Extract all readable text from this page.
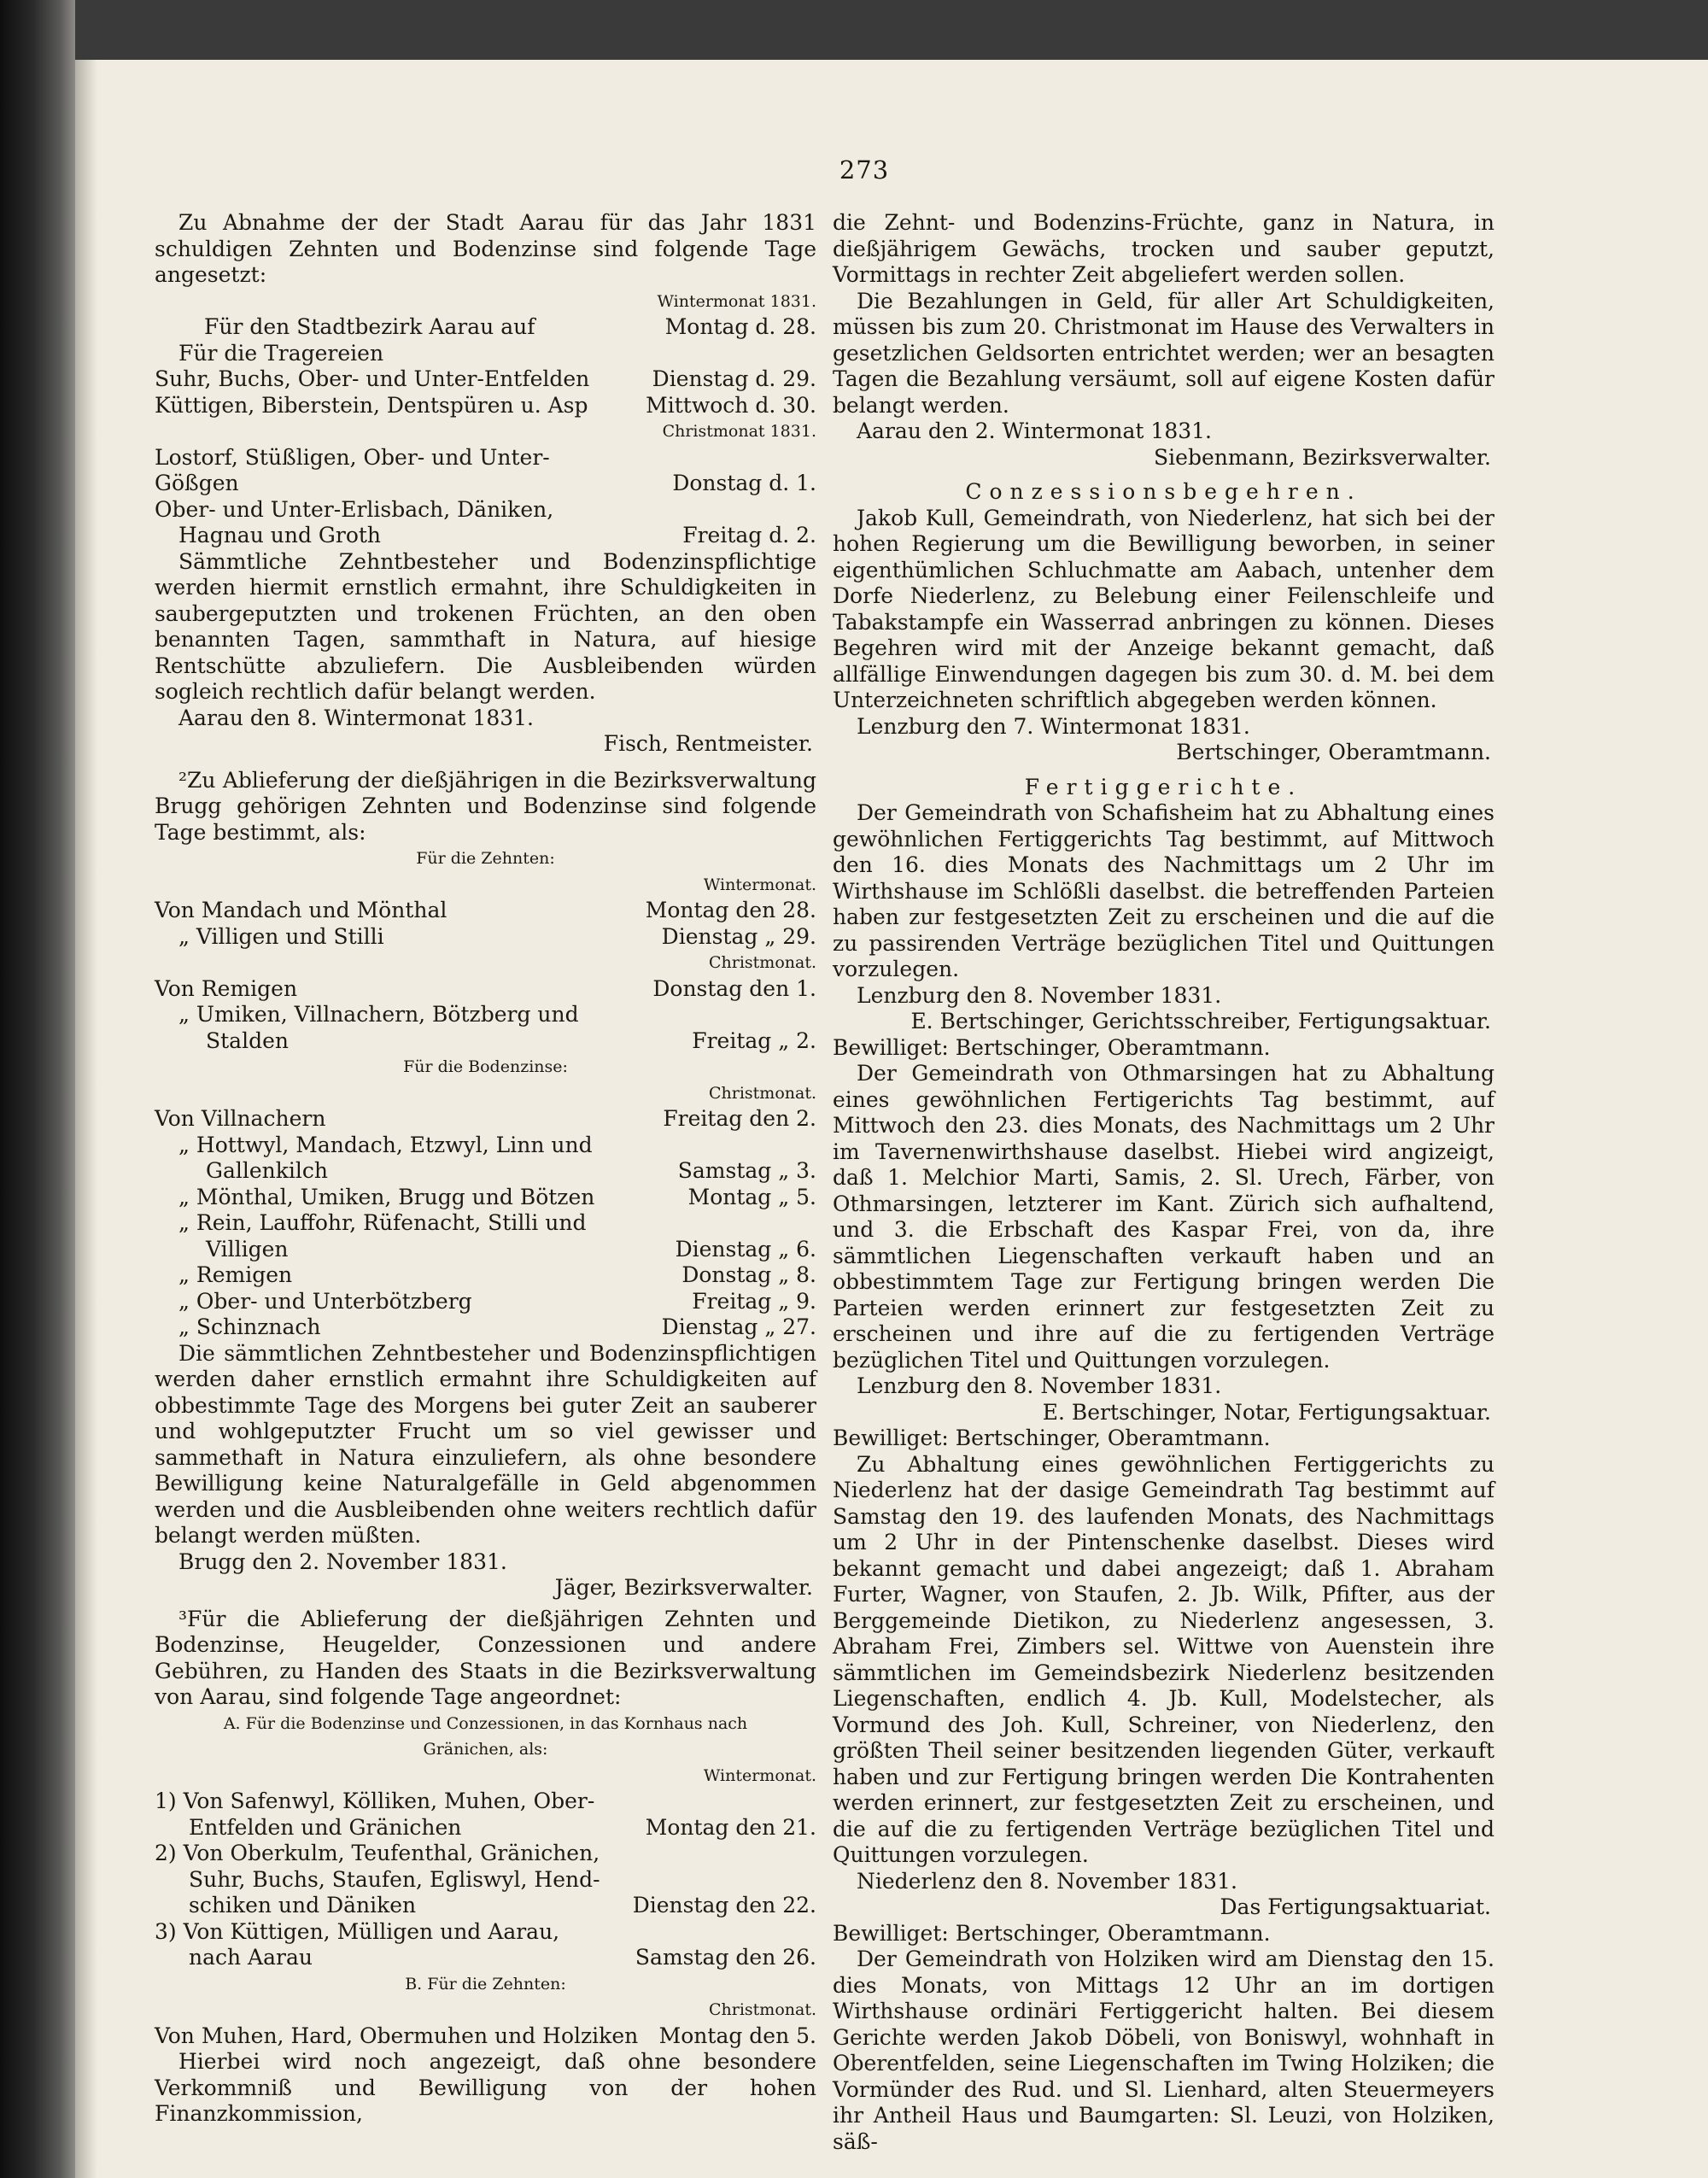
273

Zu Abnahme der der Stadt Aarau für das Jahr 1831 schuldigen Zehnten und Bodenzinse sind folgende Tage angesetzt:

Wintermonat 1831.

Für den Stadtbezirk Aarau auf	Montag d. 28.

Für die Tragereien

Suhr, Buchs, Ober- und Unter-Entfelden	Dienstag d. 29.
Küttigen, Biberstein, Dentspüren u. Asp	Mittwoch d. 30.

Christmonat 1831.

Lostorf, Stüßligen, Ober- und Unter-

Gößgen	Donstag d. 1.

Ober- und Unter-Erlisbach, Däniken,

Hagnau und Groth	Freitag d. 2.

Sämmtliche Zehntbesteher und Bodenzinspflichtige werden hiermit ernstlich ermahnt, ihre Schuldigkeiten in saubergeputzten und trokenen Früchten, an den oben benannten Tagen, sammthaft in Natura, auf hiesige Rentschütte abzuliefern. Die Ausbleibenden würden sogleich rechtlich dafür belangt werden.

Aarau den 8. Wintermonat 1831.

Fisch, Rentmeister.

²Zu Ablieferung der dießjährigen in die Bezirksverwaltung Brugg gehörigen Zehnten und Bodenzinse sind folgende Tage bestimmt, als:

Für die Zehnten:

Wintermonat.

Von Mandach und Mönthal	Montag den 28.
„ Villigen und Stilli	Dienstag „ 29.

Christmonat.

Von Remigen	Donstag den 1.

„ Umiken, Villnachern, Bötzberg und

Stalden	Freitag „ 2.

Für die Bodenzinse:

Christmonat.

Von Villnachern	Freitag den 2.

„ Hottwyl, Mandach, Etzwyl, Linn und

Gallenkilch	Samstag „ 3.
„ Mönthal, Umiken, Brugg und Bötzen	Montag „ 5.

„ Rein, Lauffohr, Rüfenacht, Stilli und

Villigen	Dienstag „ 6.
„ Remigen	Donstag „ 8.
„ Ober- und Unterbötzberg	Freitag „ 9.
„ Schinznach	Dienstag „ 27.

Die sämmtlichen Zehntbesteher und Bodenzinspflichtigen werden daher ernstlich ermahnt ihre Schuldigkeiten auf obbestimmte Tage des Morgens bei guter Zeit an sauberer und wohlgeputzter Frucht um so viel gewisser und sammethaft in Natura einzuliefern, als ohne besondere Bewilligung keine Naturalgefälle in Geld abgenommen werden und die Ausbleibenden ohne weiters rechtlich dafür belangt werden müßten.

Brugg den 2. November 1831.

Jäger, Bezirksverwalter.

³Für die Ablieferung der dießjährigen Zehnten und Bodenzinse, Heugelder, Conzessionen und andere Gebühren, zu Handen des Staats in die Bezirksverwaltung von Aarau, sind folgende Tage angeordnet:

A. Für die Bodenzinse und Conzessionen, in das Kornhaus nach Gränichen, als:

Wintermonat.

1) Von Safenwyl, Kölliken, Muhen, Ober-

Entfelden und Gränichen	Montag den 21.

2) Von Oberkulm, Teufenthal, Gränichen,

Suhr, Buchs, Staufen, Egliswyl, Hend-

schiken und Däniken	Dienstag den 22.

3) Von Küttigen, Mülligen und Aarau,

nach Aarau	Samstag den 26.

B. Für die Zehnten:

Christmonat.

Von Muhen, Hard, Obermuhen und Holziken Montag den 5.

Hierbei wird noch angezeigt, daß ohne besondere Verkommniß und Bewilligung von der hohen Finanzkommission,

die Zehnt- und Bodenzins-Früchte, ganz in Natura, in dießjährigem Gewächs, trocken und sauber geputzt, Vormittags in rechter Zeit abgeliefert werden sollen.

Die Bezahlungen in Geld, für aller Art Schuldigkeiten, müssen bis zum 20. Christmonat im Hause des Verwalters in gesetzlichen Geldsorten entrichtet werden; wer an besagten Tagen die Bezahlung versäumt, soll auf eigene Kosten dafür belangt werden.

Aarau den 2. Wintermonat 1831.

Siebenmann, Bezirksverwalter.

Conzessionsbegehren.

Jakob Kull, Gemeindrath, von Niederlenz, hat sich bei der hohen Regierung um die Bewilligung beworben, in seiner eigenthümlichen Schluchmatte am Aabach, untenher dem Dorfe Niederlenz, zu Belebung einer Feilenschleife und Tabakstampfe ein Wasserrad anbringen zu können. Dieses Begehren wird mit der Anzeige bekannt gemacht, daß allfällige Einwendungen dagegen bis zum 30. d. M. bei dem Unterzeichneten schriftlich abgegeben werden können.

Lenzburg den 7. Wintermonat 1831.

Bertschinger, Oberamtmann.

Fertiggerichte.

Der Gemeindrath von Schafisheim hat zu Abhaltung eines gewöhnlichen Fertiggerichts Tag bestimmt, auf Mittwoch den 16. dies Monats des Nachmittags um 2 Uhr im Wirthshause im Schlößli daselbst. die betreffenden Parteien haben zur festgesetzten Zeit zu erscheinen und die auf die zu passirenden Verträge bezüglichen Titel und Quittungen vorzulegen.

Lenzburg den 8. November 1831.

E. Bertschinger, Gerichtsschreiber, Fertigungsaktuar.

Bewilliget: Bertschinger, Oberamtmann.

Der Gemeindrath von Othmarsingen hat zu Abhaltung eines gewöhnlichen Fertigerichts Tag bestimmt, auf Mittwoch den 23. dies Monats, des Nachmittags um 2 Uhr im Tavernenwirthshause daselbst. Hiebei wird angizeigt, daß 1. Melchior Marti, Samis, 2. Sl. Urech, Färber, von Othmarsingen, letzterer im Kant. Zürich sich aufhaltend, und 3. die Erbschaft des Kaspar Frei, von da, ihre sämmtlichen Liegenschaften verkauft haben und an obbestimmtem Tage zur Fertigung bringen werden Die Parteien werden erinnert zur festgesetzten Zeit zu erscheinen und ihre auf die zu fertigenden Verträge bezüglichen Titel und Quittungen vorzulegen.

Lenzburg den 8. November 1831.

E. Bertschinger, Notar, Fertigungsaktuar.

Bewilliget: Bertschinger, Oberamtmann.

Zu Abhaltung eines gewöhnlichen Fertiggerichts zu Niederlenz hat der dasige Gemeindrath Tag bestimmt auf Samstag den 19. des laufenden Monats, des Nachmittags um 2 Uhr in der Pintenschenke daselbst. Dieses wird bekannt gemacht und dabei angezeigt; daß 1. Abraham Furter, Wagner, von Staufen, 2. Jb. Wilk, Pfifter, aus der Berggemeinde Dietikon, zu Niederlenz angesessen, 3. Abraham Frei, Zimbers sel. Wittwe von Auenstein ihre sämmtlichen im Gemeindsbezirk Niederlenz besitzenden Liegenschaften, endlich 4. Jb. Kull, Modelstecher, als Vormund des Joh. Kull, Schreiner, von Niederlenz, den größten Theil seiner besitzenden liegenden Güter, verkauft haben und zur Fertigung bringen werden Die Kontrahenten werden erinnert, zur festgesetzten Zeit zu erscheinen, und die auf die zu fertigenden Verträge bezüglichen Titel und Quittungen vorzulegen.

Niederlenz den 8. November 1831.

Das Fertigungsaktuariat.

Bewilliget: Bertschinger, Oberamtmann.

Der Gemeindrath von Holziken wird am Dienstag den 15. dies Monats, von Mittags 12 Uhr an im dortigen Wirthshause ordinäri Fertiggericht halten. Bei diesem Gerichte werden Jakob Döbeli, von Boniswyl, wohnhaft in Oberentfelden, seine Liegenschaften im Twing Holziken; die Vormünder des Rud. und Sl. Lienhard, alten Steuermeyers ihr Antheil Haus und Baumgarten: Sl. Leuzi, von Holziken, säß-
